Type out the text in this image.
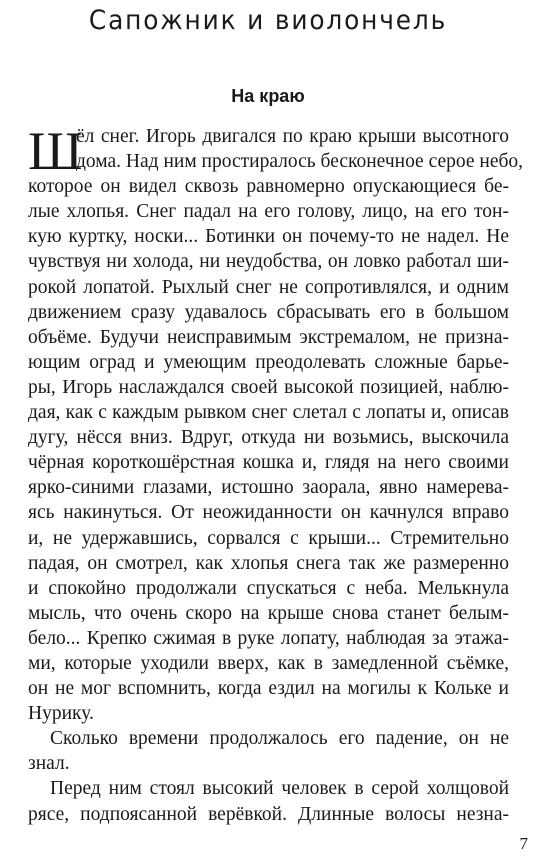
Сапожник и виолончель
На краю
Ш
ёл снег. Игорь двигался по краю крыши высотного
дома. Над ним простиралось бесконечное серое небо,
которое он видел сквозь равномерно опускающиеся бе-
лые хлопья. Снег падал на его голову, лицо, на его тон-
кую куртку, носки... Ботинки он почему-то не надел. Не
чувствуя ни холода, ни неудобства, он ловко работал ши-
рокой лопатой. Рыхлый снег не сопротивлялся, и одним
движением сразу удавалось сбрасывать его в большом
объёме. Будучи неисправимым экстремалом, не призна-
ющим оград и умеющим преодолевать сложные барье-
ры, Игорь наслаждался своей высокой позицией, наблю-
дая, как с каждым рывком снег слетал с лопаты и, описав
дугу, нёсся вниз. Вдруг, откуда ни возьмись, выскочила
чёрная короткошёрстная кошка и, глядя на него своими
ярко-синими глазами, истошно заорала, явно намерева-
ясь накинуться. От неожиданности он качнулся вправо
и, не удержавшись, сорвался с крыши... Стремительно
падая, он смотрел, как хлопья снега так же размеренно
и спокойно продолжали спускаться с неба. Мелькнула
мысль, что очень скоро на крыше снова станет белым-
бело... Крепко сжимая в руке лопату, наблюдая за этажа-
ми, которые уходили вверх, как в замедленной съёмке,
он не мог вспомнить, когда ездил на могилы к Кольке и
Нурику.
Сколько времени продолжалось его падение, он не
знал.
Перед ним стоял высокий человек в серой холщовой
рясе, подпоясанной верёвкой. Длинные волосы незна-
7
